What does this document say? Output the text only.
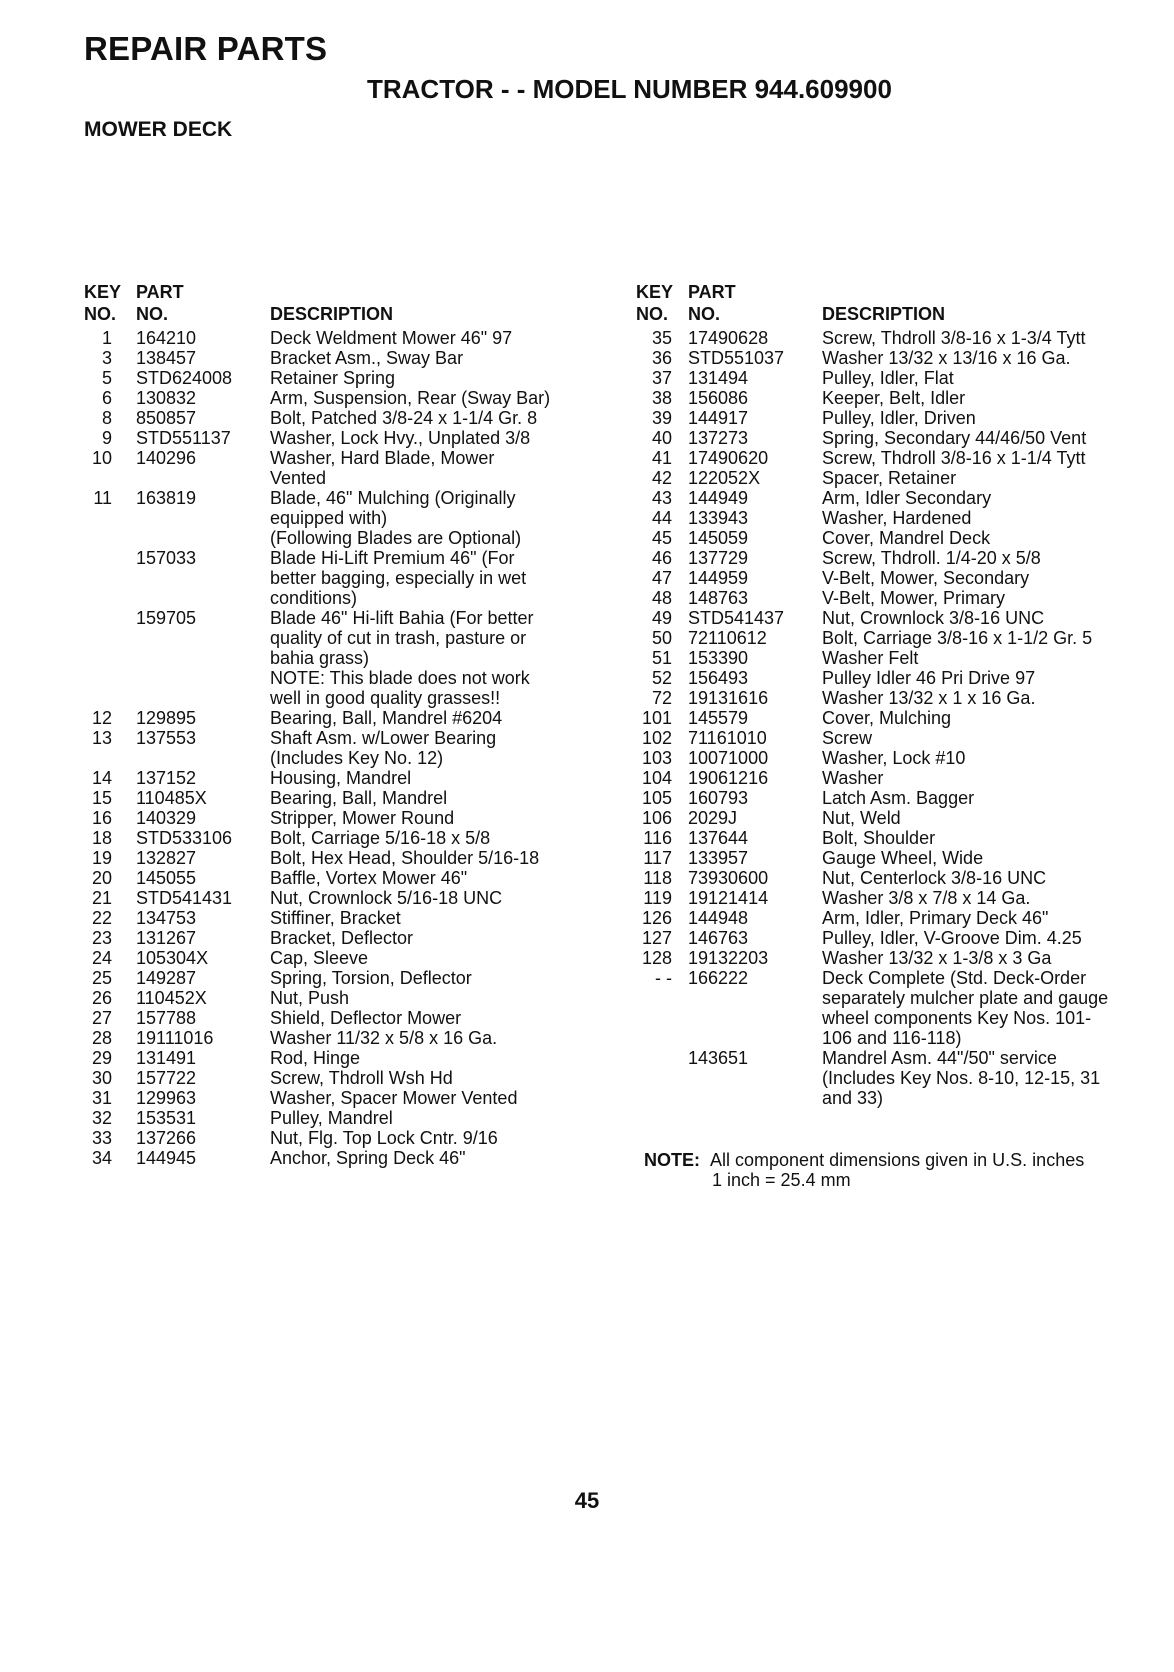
REPAIR PARTS
TRACTOR - - MODEL NUMBER 944.609900
MOWER DECK
KEY
NO.
PART
NO.	DESCRIPTION
1 164210	Deck Weldment Mower 46" 97
3 138457	Bracket Asm., Sway Bar
5 STD624008 Retainer Spring
6 130832	Arm, Suspension, Rear (Sway Bar)
8 850857	Bolt, Patched 3/8-24 x 1-1/4 Gr. 8
9 STD551137 Washer, Lock Hvy., Unplated 3/8
10 140296	Washer, Hard Blade, Mower
Vented
11 163819	Blade, 46" Mulching (Originally
equipped with)
(Following Blades are Optional)
157033	Blade Hi-Lift Premium 46" (For
better bagging, especially in wet
conditions)
159705	Blade 46" Hi-lift Bahia (For better
quality of cut in trash, pasture or
bahia grass)
NOTE: This blade does not work
well in good quality grasses!!
12 129895	Bearing, Ball, Mandrel #6204
13 137553	Shaft Asm. w/Lower Bearing
(Includes Key No. 12)
14 137152	Housing, Mandrel
15 110485X	Bearing, Ball, Mandrel
16 140329	Stripper, Mower Round
18 STD533106 Bolt, Carriage 5/16-18 x 5/8
19 132827	Bolt, Hex Head, Shoulder 5/16-18
20 145055	Baffle, Vortex Mower 46"
21 STD541431 Nut, Crownlock 5/16-18 UNC
22 134753	Stiffiner, Bracket
23 131267	Bracket, Deflector
24 105304X	Cap, Sleeve
25 149287	Spring, Torsion, Deflector
26 110452X	Nut, Push
27 157788	Shield, Deflector Mower
28 19111016	Washer 11/32 x 5/8 x 16 Ga.
29 131491	Rod, Hinge
30 157722	Screw, Thdroll Wsh Hd
31 129963	Washer, Spacer Mower Vented
32 153531	Pulley, Mandrel
33 137266	Nut, Flg. Top Lock Cntr. 9/16
34 144945	Anchor, Spring Deck 46"
KEY
NO.
PART
NO.	DESCRIPTION
35 17490628	Screw, Thdroll 3/8-16 x 1-3/4 Tytt
36 STD551037 Washer 13/32 x 13/16 x 16 Ga.
37 131494	Pulley, Idler, Flat
38 156086	Keeper, Belt, Idler
39 144917	Pulley, Idler, Driven
40 137273	Spring, Secondary 44/46/50 Vent
41 17490620	Screw, Thdroll 3/8-16 x 1-1/4 Tytt
42 122052X	Spacer, Retainer
43 144949	Arm, Idler Secondary
44 133943	Washer, Hardened
45 145059	Cover, Mandrel Deck
46 137729	Screw, Thdroll. 1/4-20 x 5/8
47 144959	V-Belt, Mower, Secondary
48 148763	V-Belt, Mower, Primary
49 STD541437 Nut, Crownlock 3/8-16 UNC
50 72110612	Bolt, Carriage 3/8-16 x 1-1/2 Gr. 5
51 153390	Washer Felt
52 156493	Pulley Idler 46 Pri Drive 97
72 19131616	Washer 13/32 x 1 x 16 Ga.
101 145579	Cover, Mulching
102 71161010	Screw
103 10071000	Washer, Lock #10
104 19061216	Washer
105 160793	Latch Asm. Bagger
106 2029J	Nut, Weld
116 137644	Bolt, Shoulder
117 133957	Gauge Wheel, Wide
118 73930600	Nut, Centerlock 3/8-16 UNC
119 19121414	Washer 3/8 x 7/8 x 14 Ga.
126 144948	Arm, Idler, Primary Deck 46"
127 146763	Pulley, Idler, V-Groove Dim. 4.25
128 19132203	Washer 13/32 x 1-3/8 x 3 Ga
- - 166222	Deck Complete (Std. Deck-Order
separately mulcher plate and gauge
wheel components Key Nos. 101-
106 and 116-118)
143651	Mandrel Asm. 44"/50" service
(Includes Key Nos. 8-10, 12-15, 31
and 33)
NOTE: All component dimensions given in U.S. inches
1 inch = 25.4 mm
45
